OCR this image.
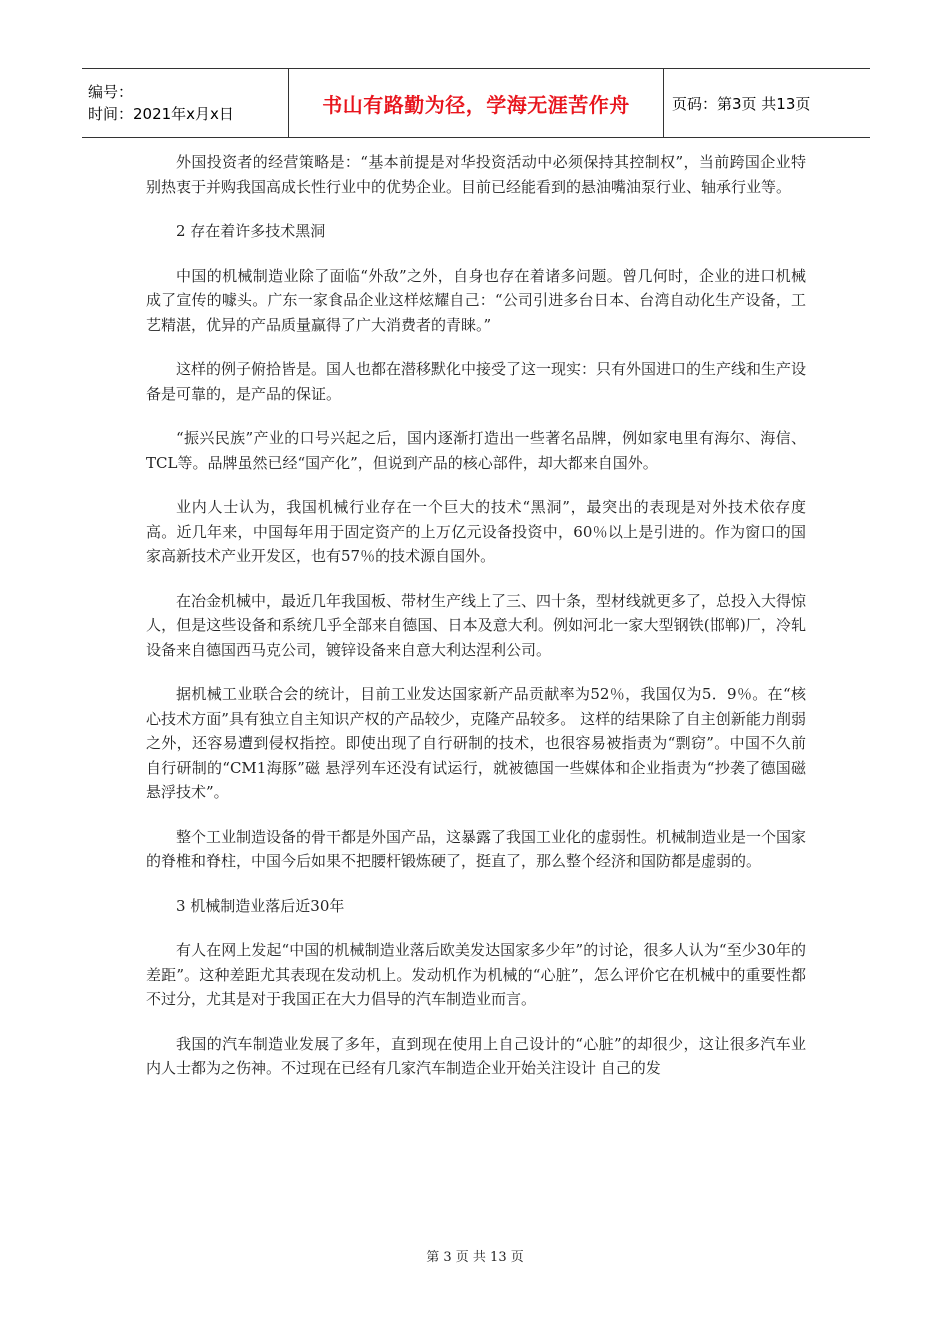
编号：
时间：2021年x月x日	书山有路勤为径，学海无涯苦作舟	页码：第3页 共13页

外国投资者的经营策略是：“基本前提是对华投资活动中必须保持其控制权”，当前跨国企业特别热衷于并购我国高成长性行业中的优势企业。目前已经能看到的悬油嘴油泵行业、轴承行业等。

2 存在着许多技术黑洞

中国的机械制造业除了面临“外敌”之外，自身也存在着诸多问题。曾几何时，企业的进口机械成了宣传的噱头。广东一家食品企业这样炫耀自己：“公司引进多台日本、台湾自动化生产设备，工艺精湛，优异的产品质量赢得了广大消费者的青睐。”

这样的例子俯拾皆是。国人也都在潜移默化中接受了这一现实：只有外国进口的生产线和生产设备是可靠的，是产品的保证。

“振兴民族”产业的口号兴起之后，国内逐渐打造出一些著名品牌，例如家电里有海尔、海信、TCL等。品牌虽然已经“国产化”，但说到产品的核心部件，却大都来自国外。

业内人士认为，我国机械行业存在一个巨大的技术“黑洞”，最突出的表现是对外技术依存度高。近几年来，中国每年用于固定资产的上万亿元设备投资中，60％以上是引进的。作为窗口的国家高新技术产业开发区，也有57％的技术源自国外。

在冶金机械中，最近几年我国板、带材生产线上了三、四十条，型材线就更多了，总投入大得惊人，但是这些设备和系统几乎全部来自德国、日本及意大利。例如河北一家大型钢铁(邯郸)厂，冷轧设备来自德国西马克公司，镀锌设备来自意大利达涅利公司。

据机械工业联合会的统计，目前工业发达国家新产品贡献率为52％，我国仅为5．9％。在“核心技术方面”具有独立自主知识产权的产品较少，克隆产品较多。 这样的结果除了自主创新能力削弱之外，还容易遭到侵权指控。即使出现了自行研制的技术，也很容易被指责为“剽窃”。中国不久前自行研制的“CM1海豚”磁 悬浮列车还没有试运行，就被德国一些媒体和企业指责为“抄袭了德国磁悬浮技术”。

整个工业制造设备的骨干都是外国产品，这暴露了我国工业化的虚弱性。机械制造业是一个国家的脊椎和脊柱，中国今后如果不把腰杆锻炼硬了，挺直了，那么整个经济和国防都是虚弱的。

3 机械制造业落后近30年

有人在网上发起“中国的机械制造业落后欧美发达国家多少年”的讨论，很多人认为“至少30年的差距”。这种差距尤其表现在发动机上。发动机作为机械的“心脏”，怎么评价它在机械中的重要性都不过分，尤其是对于我国正在大力倡导的汽车制造业而言。

我国的汽车制造业发展了多年，直到现在使用上自己设计的“心脏”的却很少，这让很多汽车业内人士都为之伤神。不过现在已经有几家汽车制造企业开始关注设计 自己的发

第 3 页 共 13 页
